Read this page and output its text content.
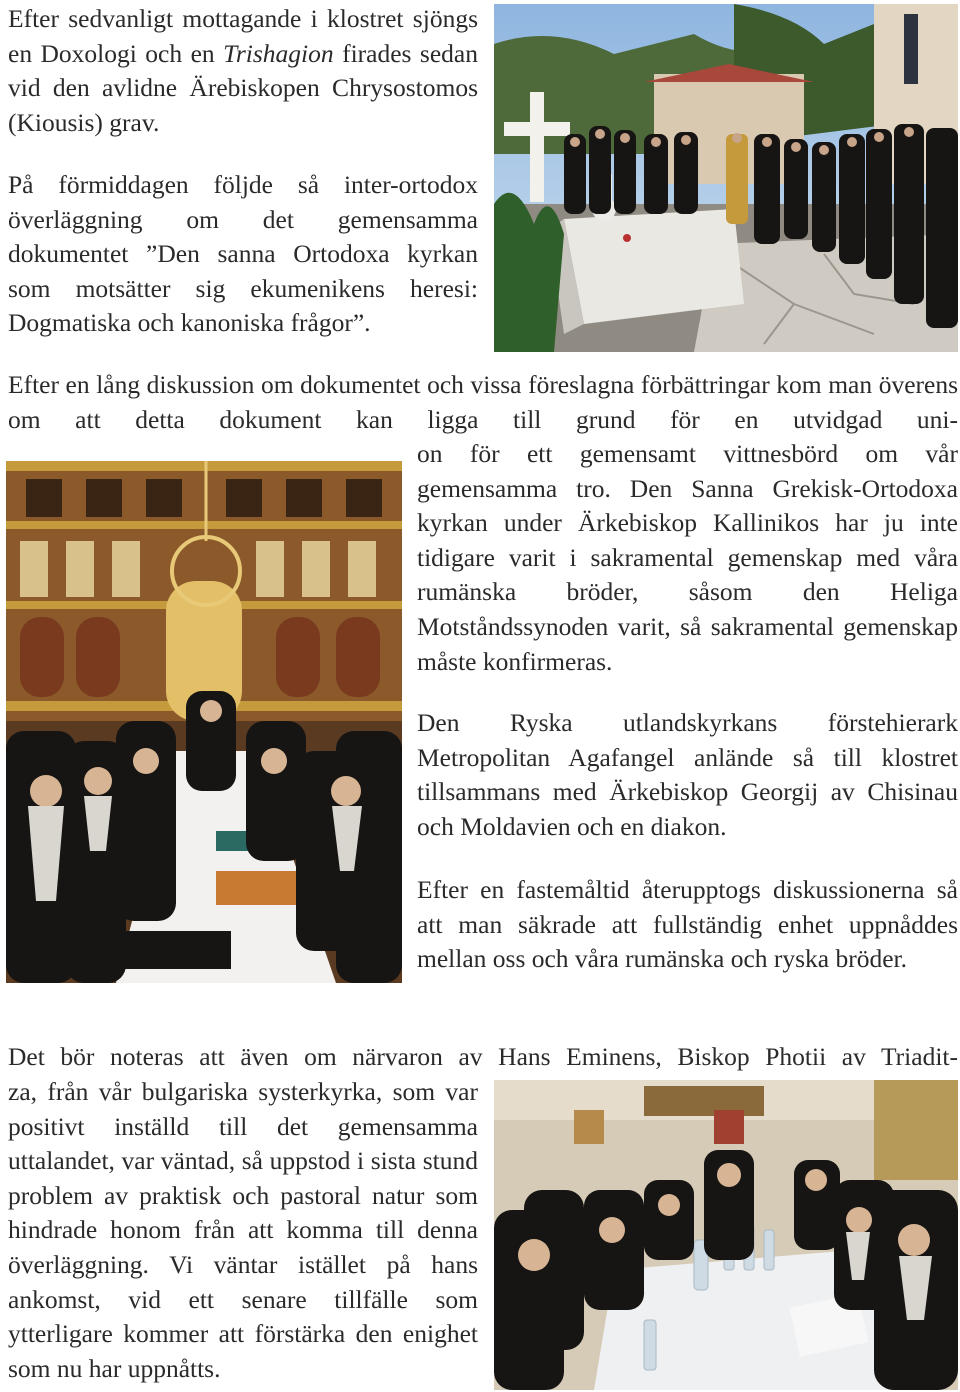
Efter sedvanligt mottagande i klostret sjöngs en Doxologi och en Trishagion firades sedan vid den avlidne Ärebiskopen Chrysostomos (Kiousis) grav.

På förmiddagen följde så inter-ortodox överläggning om det gemensamma dokumentet ”Den sanna Ortodoxa kyrkan som motsätter sig ekumenikens heresi: Dogmatiska och kanoniska frågor”.

Efter en lång diskussion om dokumentet och vissa föreslagna förbättringar kom man överens om att detta dokument kan ligga till grund för en utvidgad uni-

on för ett gemensamt vittnesbörd om vår gemensamma tro. Den Sanna Grekisk-Ortodoxa kyrkan under Ärkebiskop Kallinikos har ju inte tidigare varit i sakramental gemenskap med våra rumänska bröder, såsom den Heliga Motståndssynoden varit, så sakramental gemenskap måste konfirmeras.

Den Ryska utlandskyrkans förstehierark Metropolitan Agafangel anlände så till klostret tillsammans med Ärkebiskop Georgij av Chisinau och Moldavien och en diakon.

Efter en fastemåltid återupptogs diskussionerna så att man säkrade att fullständig enhet uppnåddes mellan oss och våra rumänska och ryska bröder.

Det bör noteras att även om närvaron av Hans Eminens, Biskop Photii av Triadit-

za, från vår bulgariska systerkyrka, som var positivt inställd till det gemensamma uttalandet, var väntad, så uppstod i sista stund problem av praktisk och pastoral natur som hindrade honom från att komma till denna överläggning. Vi väntar istället på hans ankomst, vid ett senare tillfälle som ytterligare kommer att förstärka den enighet som nu har uppnåtts.
